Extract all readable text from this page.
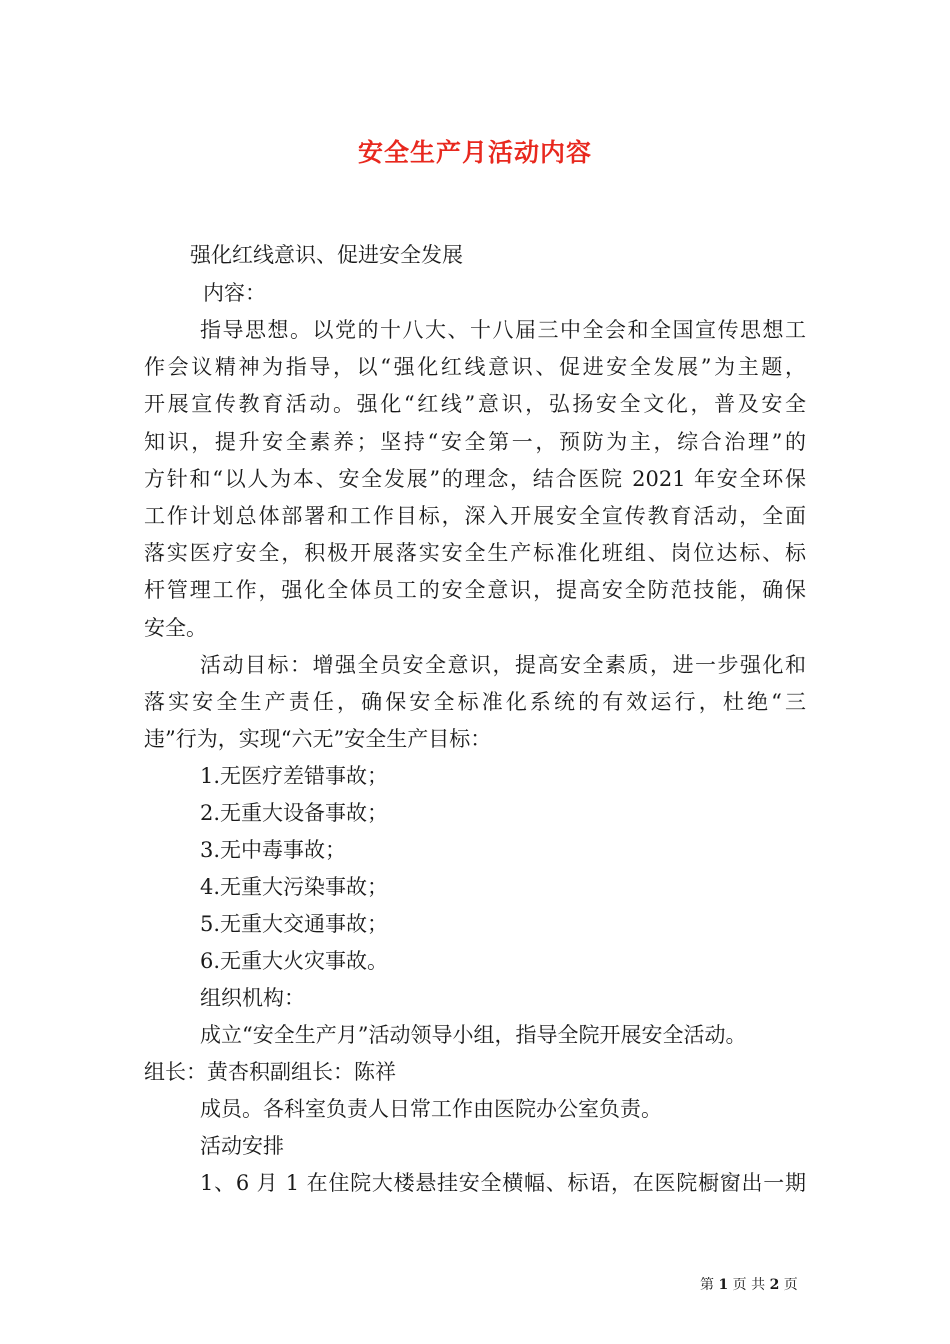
安全生产月活动内容
强化红线意识、促进安全发展
内容：
指导思想。以党的十八大、十八届三中全会和全国宣传思想工
作会议精神为指导，以“强化红线意识、促进安全发展”为主题，
开展宣传教育活动。强化“红线”意识，弘扬安全文化，普及安全
知识，提升安全素养；坚持“安全第一，预防为主，综合治理”的
方针和“以人为本、安全发展”的理念，结合医院 2021 年安全环保
工作计划总体部署和工作目标，深入开展安全宣传教育活动，全面
落实医疗安全，积极开展落实安全生产标准化班组、岗位达标、标
杆管理工作，强化全体员工的安全意识，提高安全防范技能，确保
安全。
活动目标：增强全员安全意识，提高安全素质，进一步强化和
落实安全生产责任，确保安全标准化系统的有效运行，杜绝“三
违”行为，实现“六无”安全生产目标：
1.无医疗差错事故；
2.无重大设备事故；
3.无中毒事故；
4.无重大污染事故；
5.无重大交通事故；
6.无重大火灾事故。
组织机构：
成立“安全生产月”活动领导小组，指导全院开展安全活动。
组长：黄杏积副组长：陈祥
成员。各科室负责人日常工作由医院办公室负责。
活动安排
1、6 月 1 在住院大楼悬挂安全横幅、标语，在医院橱窗出一期
第 1 页 共 2 页
